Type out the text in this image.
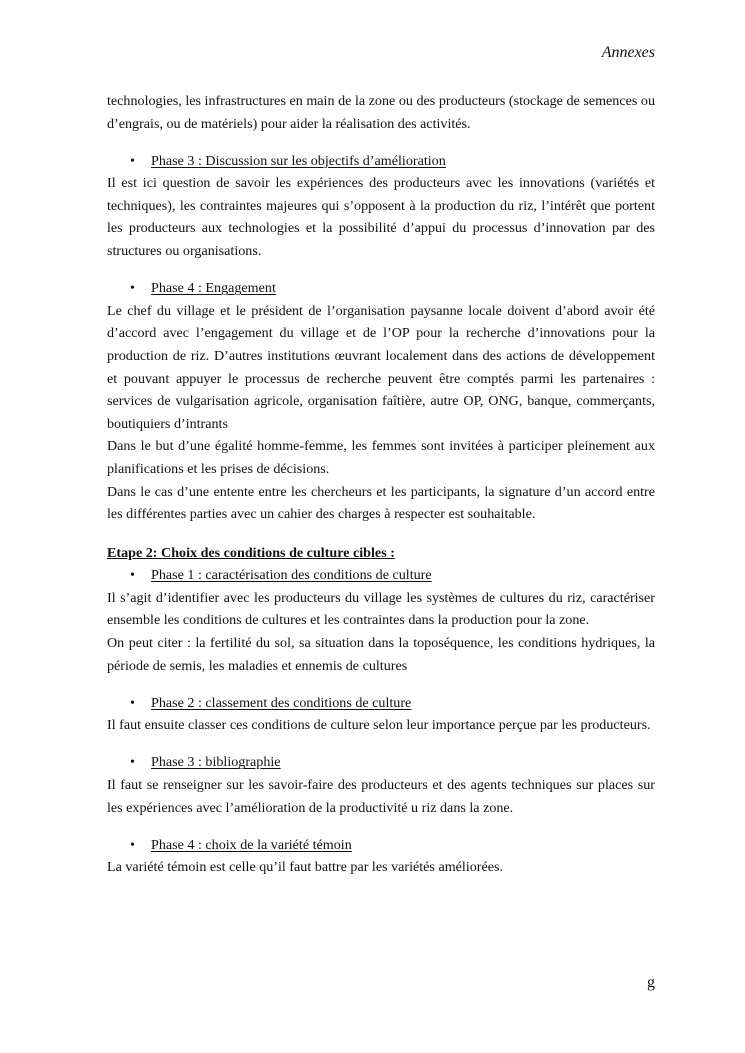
Annexes

technologies, les infrastructures en main de la zone ou des producteurs (stockage de semences ou d’engrais, ou de matériels) pour aider la réalisation des activités.

• Phase 3 : Discussion sur les objectifs d’amélioration

Il est ici question de savoir les expériences des producteurs avec les innovations (variétés et techniques), les contraintes majeures qui s’opposent à la production du riz, l’intérêt que portent les producteurs aux technologies et la possibilité d’appui du processus d’innovation par des structures ou organisations.

• Phase 4 : Engagement

Le chef du village et le président de l’organisation paysanne locale doivent d’abord avoir été d’accord avec l’engagement du village et de l’OP pour la recherche d’innovations pour la production de riz. D’autres institutions œuvrant localement dans des actions de développement et pouvant appuyer le processus de recherche peuvent être comptés parmi les partenaires : services de vulgarisation agricole, organisation faîtière, autre OP, ONG, banque, commerçants, boutiquiers d’intrants

Dans le but d’une égalité homme-femme, les femmes sont invitées à participer pleinement aux planifications et les prises de décisions.

Dans le cas d’une entente entre les chercheurs et les participants, la signature d’un accord entre les différentes parties avec un cahier des charges à respecter est souhaitable.

Etape 2: Choix des conditions de culture cibles :

• Phase 1 : caractérisation des conditions de culture

Il s’agit d’identifier avec les producteurs du village les systèmes de cultures du riz, caractériser ensemble les conditions de cultures et les contraintes dans la production pour la zone.

On peut citer : la fertilité du sol, sa situation dans la toposéquence, les conditions hydriques, la période de semis, les maladies et ennemis de cultures

• Phase 2 : classement des conditions de culture

Il faut ensuite classer ces conditions de culture selon leur importance perçue par les producteurs.

• Phase 3 : bibliographie

Il faut se renseigner sur les savoir-faire des producteurs et des agents techniques sur places sur les expériences avec l’amélioration de la productivité u riz dans la zone.

• Phase 4 : choix de la variété témoin

La variété témoin est celle qu’il faut battre par les variétés améliorées.

g
